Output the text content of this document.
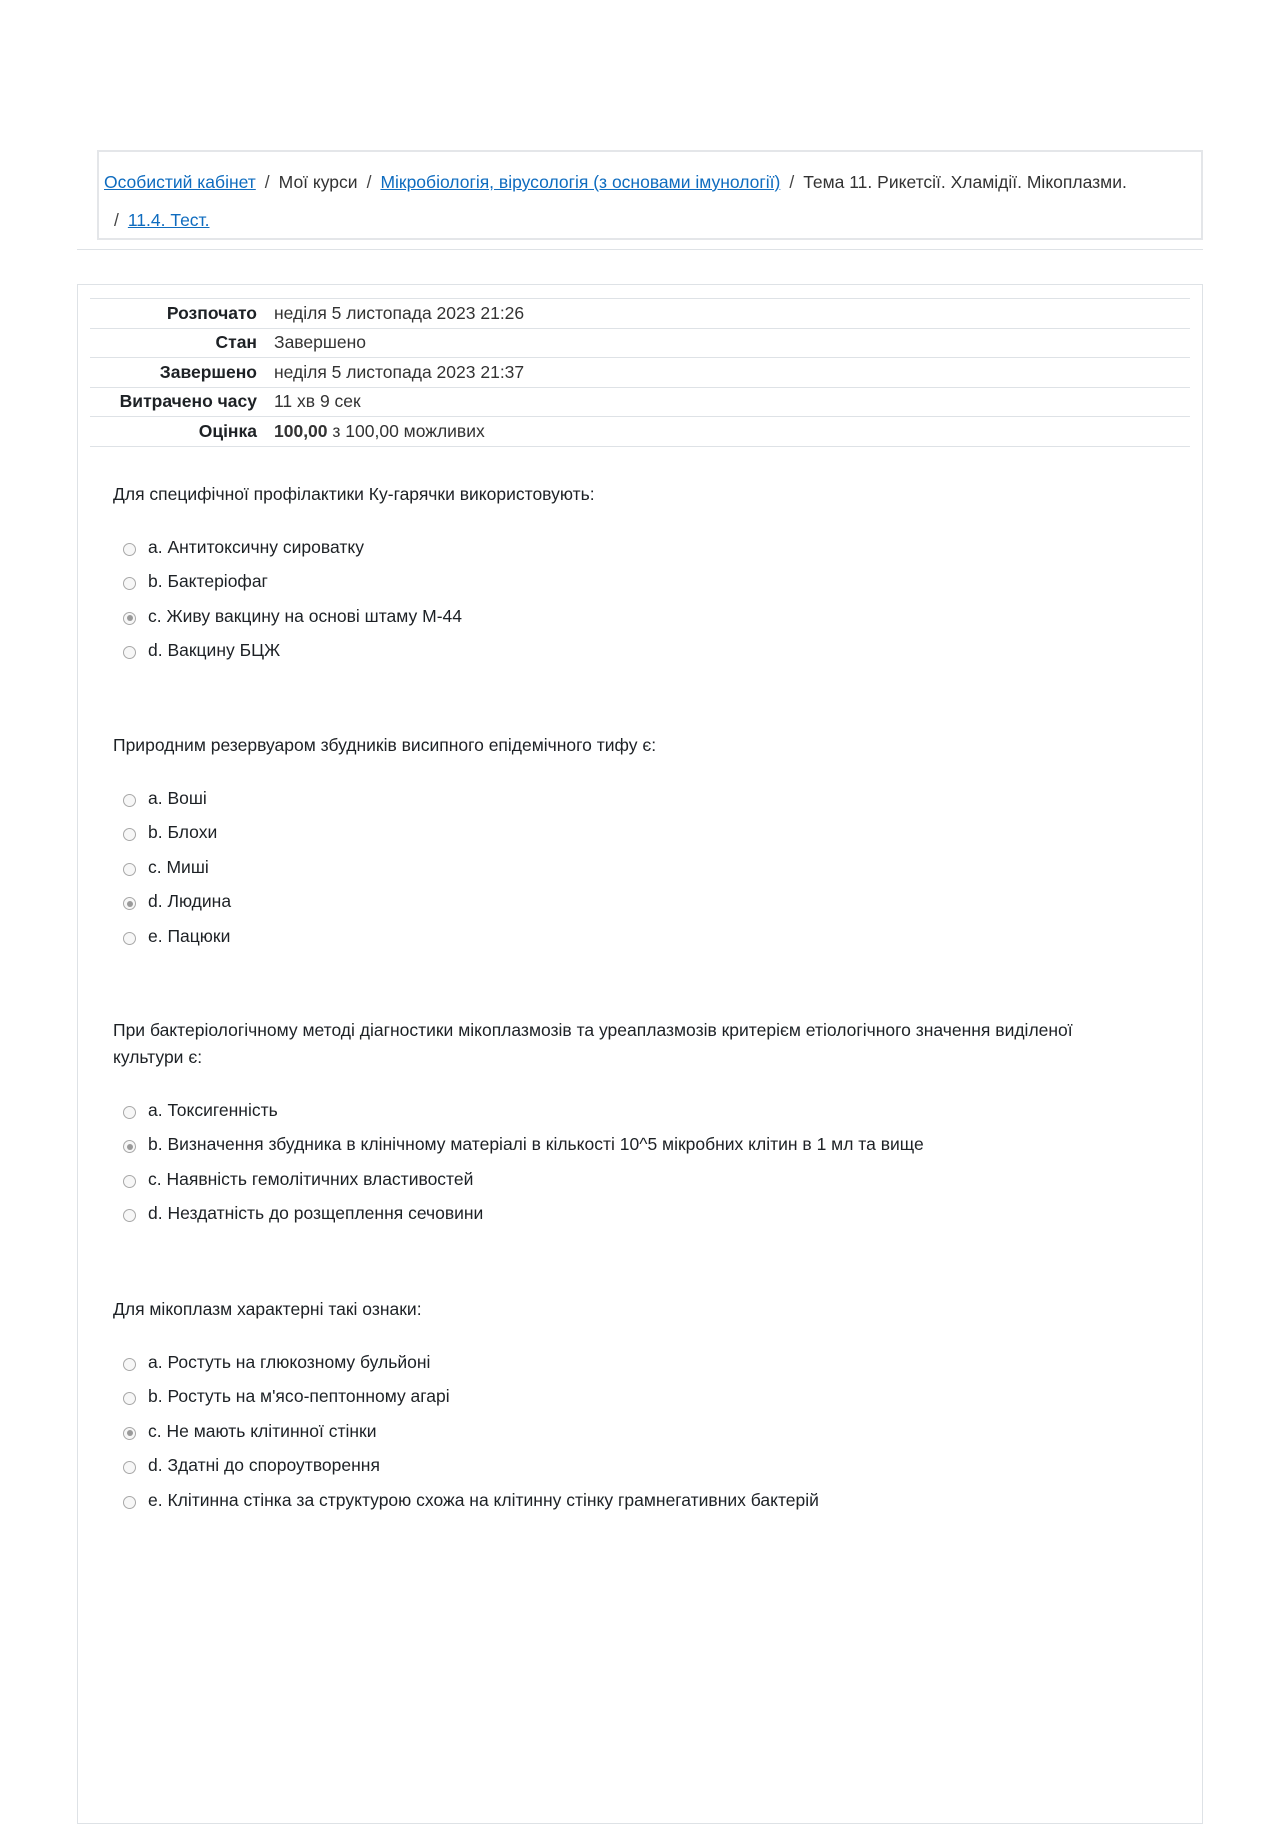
Особистий кабінет / Мої курси / Мікробіологія, вірусологія (з основами імунології) / Тема 11. Рикетсії. Хламідії. Мікоплазми.
/ 11.4. Тест.
Розпочато	неділя 5 листопада 2023 21:26
Стан	Завершено
Завершено	неділя 5 листопада 2023 21:37
Витрачено часу	11 хв 9 сек
Оцінка	100,00 з 100,00 можливих

Для специфічної профілактики Ку-гарячки використовують:

a. Антитоксичну сироватку
b. Бактеріофаг
c. Живу вакцину на основі штаму М-44
d. Вакцину БЦЖ

Природним резервуаром збудників висипного епідемічного тифу є:

a. Воші
b. Блохи
c. Миші
d. Людина
e. Пацюки

При бактеріологічному методі діагностики мікоплазмозів та уреаплазмозів критерієм етіологічного значення виділеної культури є:

a. Токсигенність
b. Визначення збудника в клінічному матеріалі в кількості 10^5 мікробних клітин в 1 мл та вище
c. Наявність гемолітичних властивостей
d. Нездатність до розщеплення сечовини

Для мікоплазм характерні такі ознаки:

a. Ростуть на глюкозному бульйоні
b. Ростуть на м'ясо-пептонному агарі
c. Не мають клітинної стінки
d. Здатні до спороутворення
e. Клітинна стінка за структурою схожа на клітинну стінку грамнегативних бактерій
